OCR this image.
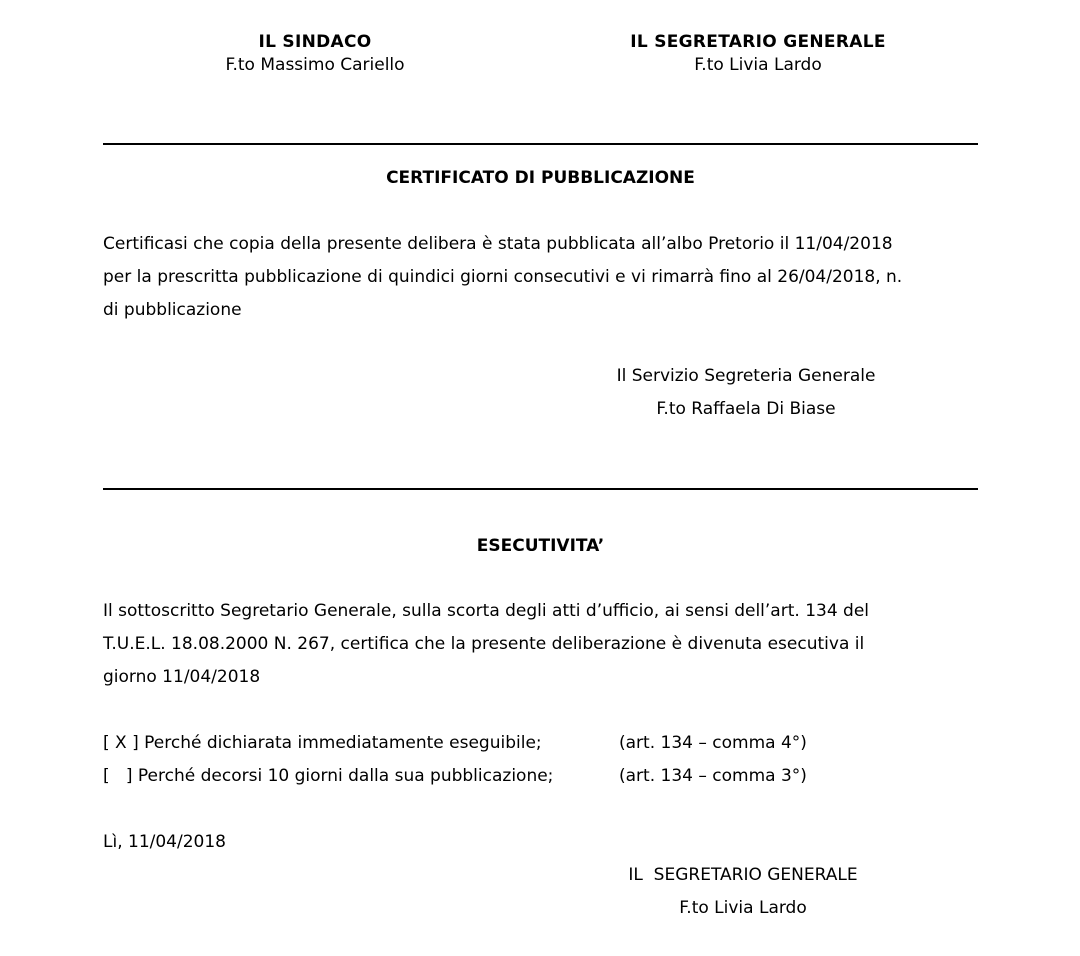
IL SINDACO
F.to Massimo Cariello
IL SEGRETARIO GENERALE
F.to Livia Lardo
CERTIFICATO DI PUBBLICAZIONE
Certificasi che copia della presente delibera è stata pubblicata all’albo Pretorio il 11/04/2018
per la prescritta pubblicazione di quindici giorni consecutivi e vi rimarrà fino al 26/04/2018, n.
di pubblicazione
Il Servizio Segreteria Generale
F.to Raffaela Di Biase
ESECUTIVITA’
Il sottoscritto Segretario Generale, sulla scorta degli atti d’ufficio, ai sensi dell’art. 134 del
T.U.E.L. 18.08.2000 N. 267, certifica che la presente deliberazione è divenuta esecutiva il
giorno 11/04/2018
[ X ] Perché dichiarata immediatamente eseguibile;	(art. 134 – comma 4°)
[   ] Perché decorsi 10 giorni dalla sua pubblicazione;	(art. 134 – comma 3°)
Lì, 11/04/2018
IL  SEGRETARIO GENERALE
F.to Livia Lardo
